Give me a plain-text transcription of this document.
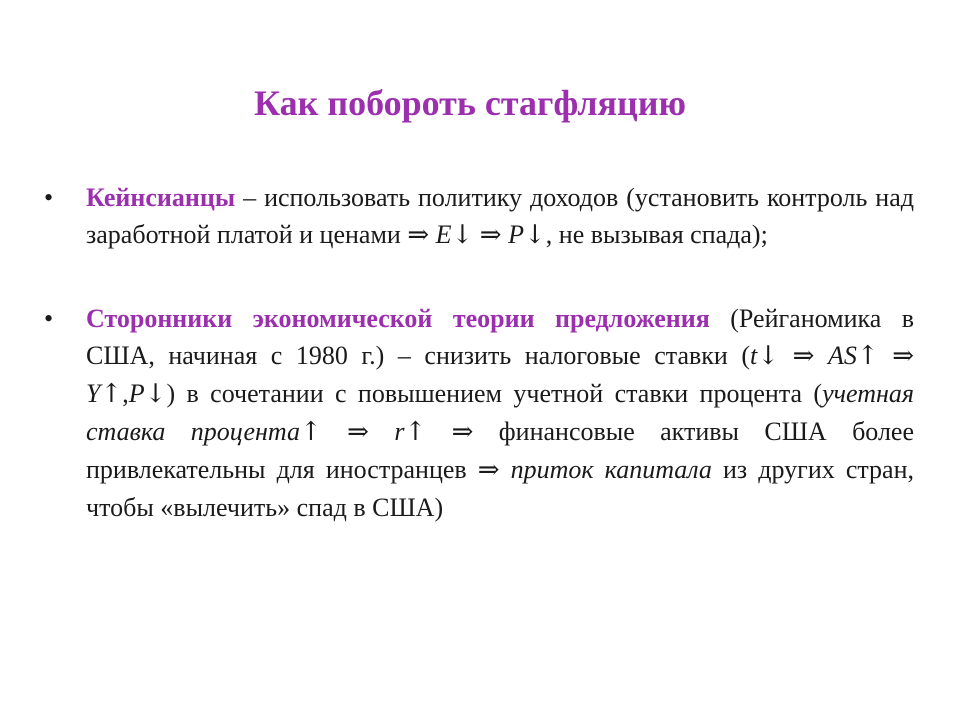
Как побороть стагфляцию
• Кейнсианцы – использовать политику доходов (установить контроль над заработной платой и ценами ⇒ E↓ ⇒ P↓, не вызывая спада);
• Сторонники экономической теории предложения (Рейганомика в США, начиная с 1980 г.) – снизить налоговые ставки (t↓ ⇒ AS↑ ⇒ Y↑,P↓) в сочетании с повышением учетной ставки процента (учетная ставка процента↑ ⇒ r↑ ⇒ финансовые активы США более привлекательны для иностранцев ⇒ приток капитала из других стран, чтобы «вылечить» спад в США)
